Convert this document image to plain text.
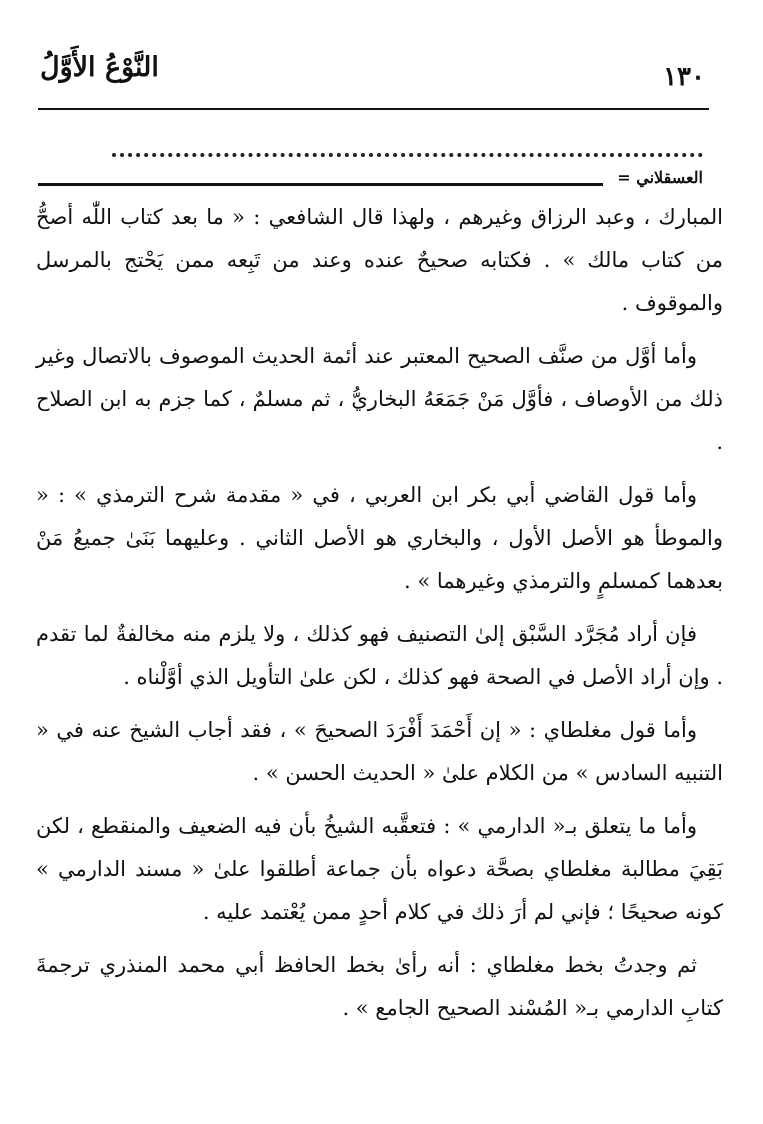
١٣٠
النَّوْعُ الأَوَّلُ
العسقلاني =

المبارك ، وعبد الرزاق وغيرهم ، ولهذا قال الشافعي : « ما بعد كتاب اللّٰه أصحُّ من كتاب مالك » . فكتابه صحيحٌ عنده وعند من تَبِعه ممن يَحْتج بالمرسل والموقوف .

وأما أوَّل من صنَّف الصحيح المعتبر عند أئمة الحديث الموصوف بالاتصال وغير ذلك من الأوصاف ، فأوَّل مَنْ جَمَعَهُ البخاريُّ ، ثم مسلمٌ ، كما جزم به ابن الصلاح .

وأما قول القاضي أبي بكر ابن العربي ، في « مقدمة شرح الترمذي » : « والموطأ هو الأصل الأول ، والبخاري هو الأصل الثاني . وعليهما بَنَىٰ جميعُ مَنْ بعدهما كمسلمٍ والترمذي وغيرهما » .

فإن أراد مُجَرَّد السَّبْق إلىٰ التصنيف فهو كذلك ، ولا يلزم منه مخالفةٌ لما تقدم . وإن أراد الأصل في الصحة فهو كذلك ، لكن علىٰ التأويل الذي أوَّلْناه .

وأما قول مغلطاي : « إن أَحْمَدَ أَفْرَدَ الصحيحَ » ، فقد أجاب الشيخ عنه في « التنبيه السادس » من الكلام علىٰ « الحديث الحسن » .

وأما ما يتعلق بـ« الدارمي » : فتعقَّبه الشيخُ بأن فيه الضعيف والمنقطع ، لكن بَقِيَ مطالبة مغلطاي بصحَّة دعواه بأن جماعة أطلقوا علىٰ « مسند الدارمي » كونه صحيحًا ؛ فإني لم أرَ ذلك في كلام أحدٍ ممن يُعْتمد عليه .

ثم وجدتُ بخط مغلطاي : أنه رأىٰ بخط الحافظ أبي محمد المنذري ترجمةَ كتابِ الدارمي بـ« المُسْند الصحيح الجامع » .
